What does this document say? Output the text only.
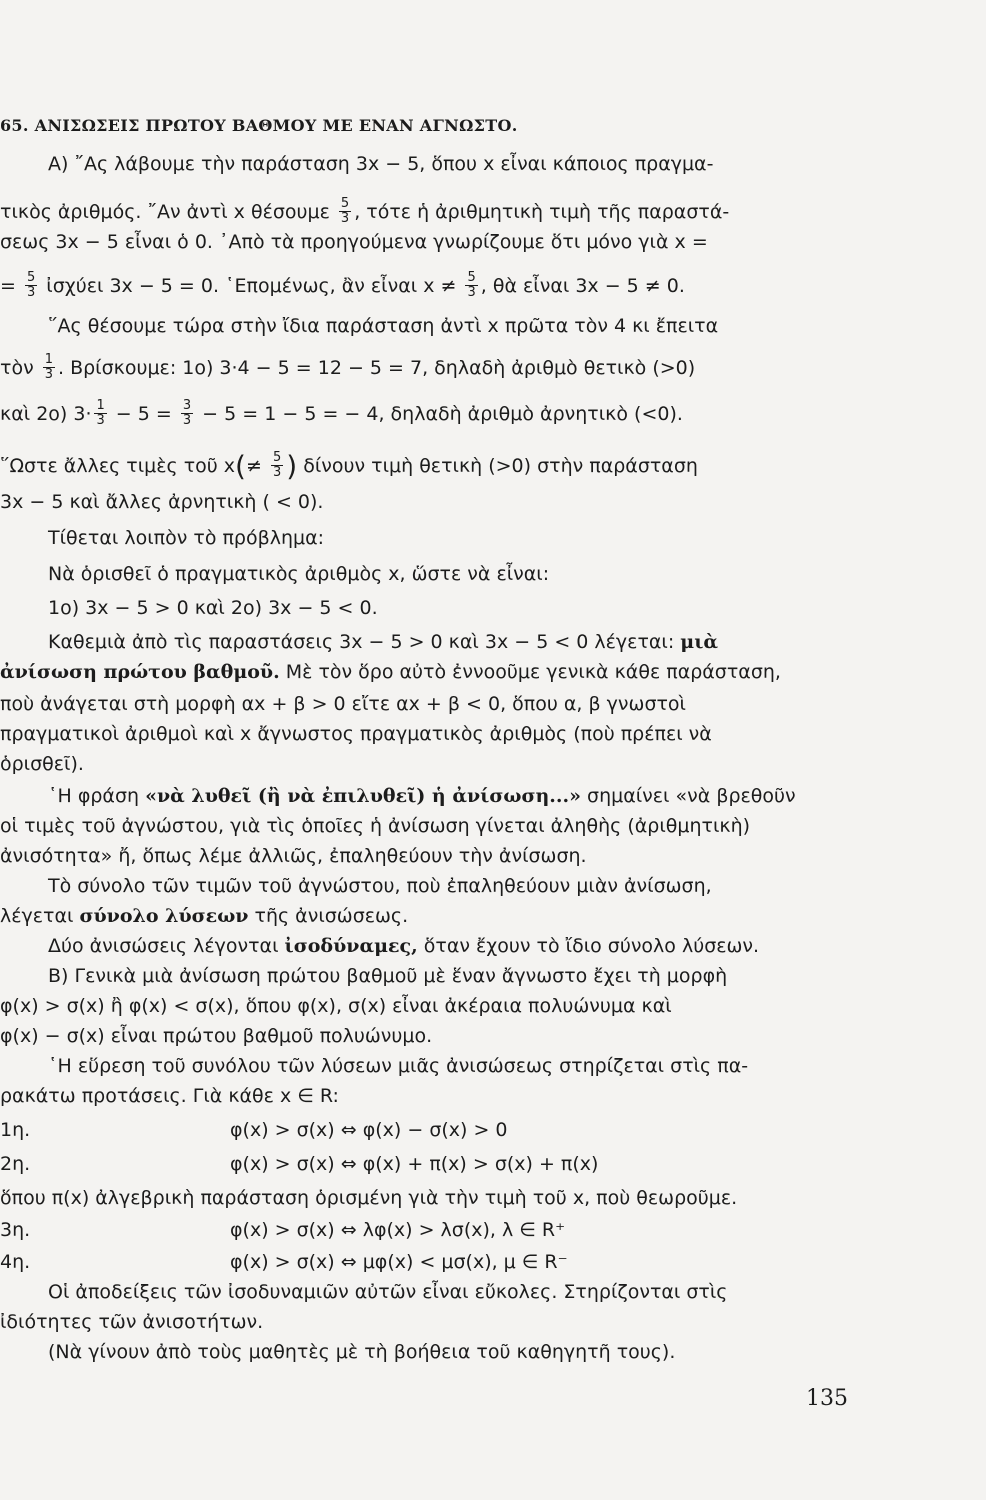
65. ΑΝΙΣΩΣΕΙΣ ΠΡΩΤΟΥ ΒΑΘΜΟΥ ΜΕ ΕΝΑΝ ΑΓΝΩΣΤΟ.
Α) ῎Ας λάβουμε τὴν παράσταση 3x − 5, ὅπου x εἶναι κάποιος πραγμα-
τικὸς ἀριθμός. ῎Αν ἀντὶ x θέσουμε $\frac{5}{3}$ , τότε ἡ ἀριθμητικὴ τιμὴ τῆς παραστά-
σεως 3x − 5 εἶναι ὁ 0. ᾽Απὸ τὰ προηγούμενα γνωρίζουμε ὅτι μόνο γιὰ x =
= $\frac{5}{3}$ ἰσχύει 3x − 5 = 0. ῾Επομένως, ἂν εἶναι $x \ne \frac{5}{3}$ , θὰ εἶναι 3x − 5 ≠ 0.
῞Ας θέσουμε τώρα στὴν ἴδια παράσταση ἀντὶ x πρῶτα τὸν 4 κι ἔπειτα
τὸν $\frac{1}{3}$ . Βρίσκουμε: 1ο) 3·4 − 5 = 12 − 5 = 7, δηλαδὴ ἀριθμὸ θετικὸ (>0)
καὶ 2ο) $3\cdot \frac{1}{3} - 5 = \frac{3}{3} - 5 = 1 - 5$ = − 4, δηλαδὴ ἀριθμὸ ἀρνητικὸ (<0).
῞Ωστε ἄλλες τιμὲς τοῦ $x(\ne \frac{5}{3}$ ) δίνουν τιμὴ θετικὴ (>0) στὴν παράσταση
3x − 5 καὶ ἄλλες ἀρνητικὴ ( < 0).
Τίθεται λοιπὸν τὸ πρόβλημα:
Νὰ ὁρισθεῖ ὁ πραγματικὸς ἀριθμὸς x, ὥστε νὰ εἶναι:
1ο) 3x − 5 > 0 καὶ 2ο) 3x − 5 < 0.
Καθεμιὰ ἀπὸ τὶς παραστάσεις 3x − 5 > 0 καὶ 3x − 5 < 0 λέγεται: μιὰ
ἀνίσωση πρώτου βαθμοῦ. Μὲ τὸν ὅρο αὐτὸ ἐννοοῦμε γενικὰ κάθε παράσταση,
ποὺ ἀνάγεται στὴ μορφὴ αx + β > 0 εἴτε αx + β < 0, ὅπου α, β γνωστοὶ
πραγματικοὶ ἀριθμοὶ καὶ x ἄγνωστος πραγματικὸς ἀριθμὸς (ποὺ πρέπει νὰ
ὁρισθεῖ).
῾Η φράση «νὰ λυθεῖ (ἢ νὰ ἐπιλυθεῖ) ἡ ἀνίσωση...» σημαίνει «νὰ βρεθοῦν
οἱ τιμὲς τοῦ ἀγνώστου, γιὰ τὶς ὁποῖες ἡ ἀνίσωση γίνεται ἀληθὴς (ἀριθμητικὴ)
ἀνισότητα» ἤ, ὅπως λέμε ἀλλιῶς, ἐπαληθεύουν τὴν ἀνίσωση.
Τὸ σύνολο τῶν τιμῶν τοῦ ἀγνώστου, ποὺ ἐπαληθεύουν μιὰν ἀνίσωση,
λέγεται σύνολο λύσεων τῆς ἀνισώσεως.
Δύο ἀνισώσεις λέγονται ἰσοδύναμες, ὅταν ἔχουν τὸ ἴδιο σύνολο λύσεων.
Β) Γενικὰ μιὰ ἀνίσωση πρώτου βαθμοῦ μὲ ἕναν ἄγνωστο ἔχει τὴ μορφὴ
φ(x) > σ(x) ἢ φ(x) < σ(x), ὅπου φ(x), σ(x) εἶναι ἀκέραια πολυώνυμα καὶ
φ(x) − σ(x) εἶναι πρώτου βαθμοῦ πολυώνυμο.
῾Η εὕρεση τοῦ συνόλου τῶν λύσεων μιᾶς ἀνισώσεως στηρίζεται στὶς πα-
ρακάτω προτάσεις. Γιὰ κάθε x ∈ R:
1η.	φ(x) > σ(x) ⇔ φ(x) − σ(x) > 0
2η.	φ(x) > σ(x) ⇔ φ(x) + π(x) > σ(x) + π(x)
ὅπου π(x) ἀλγεβρικὴ παράσταση ὁρισμένη γιὰ τὴν τιμὴ τοῦ x, ποὺ θεωροῦμε.
3η.	φ(x) > σ(x) ⇔ λφ(x) > λσ(x), λ ∈ R⁺
4η.	φ(x) > σ(x) ⇔ μφ(x) < μσ(x), μ ∈ R⁻
Οἱ ἀποδείξεις τῶν ἰσοδυναμιῶν αὐτῶν εἶναι εὔκολες. Στηρίζονται στὶς
ἰδιότητες τῶν ἀνισοτήτων.
(Νὰ γίνουν ἀπὸ τοὺς μαθητὲς μὲ τὴ βοήθεια τοῦ καθηγητῆ τους).
135
